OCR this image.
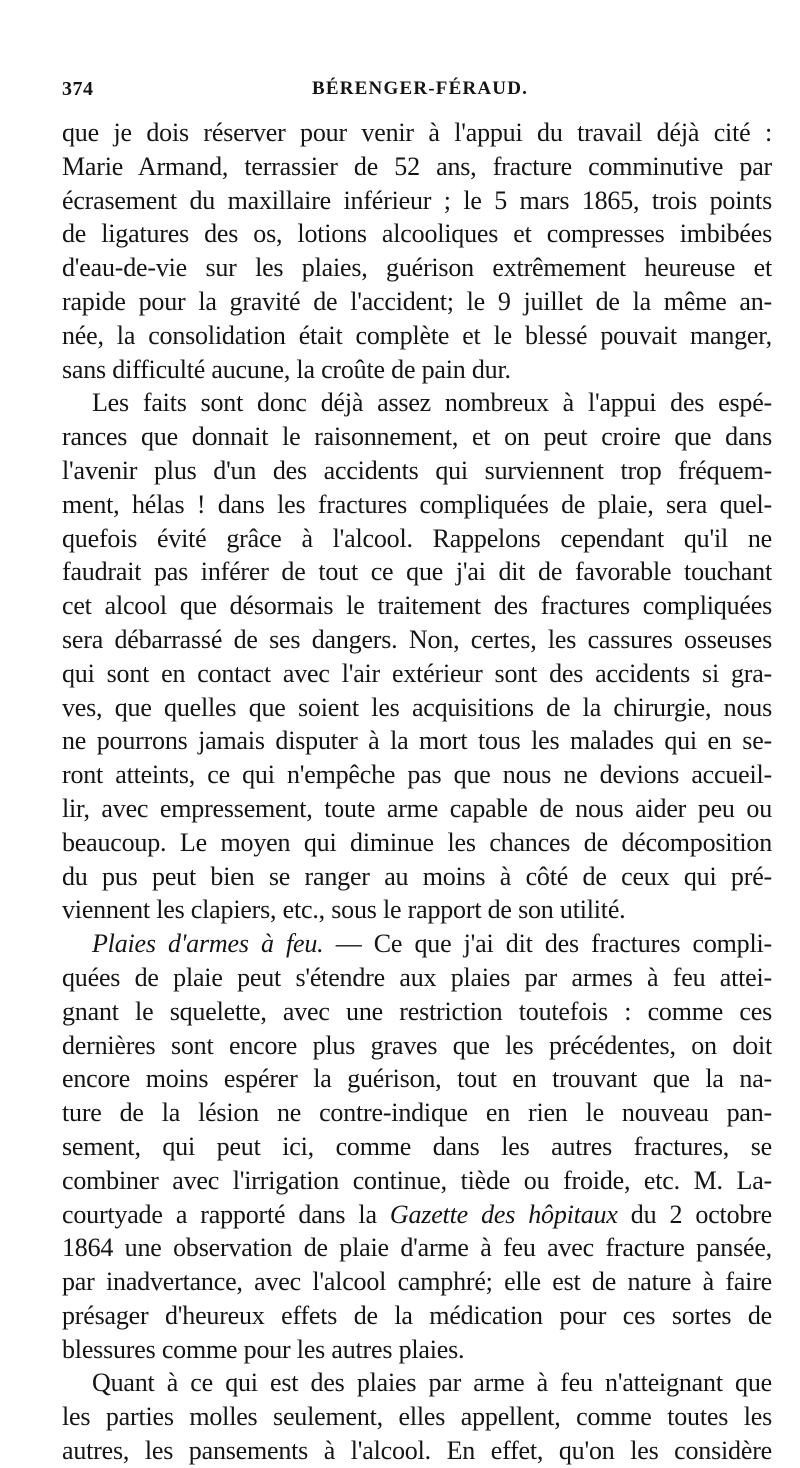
374	BÉRENGER-FÉRAUD.
que je dois réserver pour venir à l'appui du travail déjà cité :
Marie Armand, terrassier de 52 ans, fracture comminutive par
écrasement du maxillaire inférieur ; le 5 mars 1865, trois points
de ligatures des os, lotions alcooliques et compresses imbibées
d'eau-de-vie sur les plaies, guérison extrêmement heureuse et
rapide pour la gravité de l'accident; le 9 juillet de la même an-
née, la consolidation était complète et le blessé pouvait manger,
sans difficulté aucune, la croûte de pain dur.
Les faits sont donc déjà assez nombreux à l'appui des espé-
rances que donnait le raisonnement, et on peut croire que dans
l'avenir plus d'un des accidents qui surviennent trop fréquem-
ment, hélas ! dans les fractures compliquées de plaie, sera quel-
quefois évité grâce à l'alcool. Rappelons cependant qu'il ne
faudrait pas inférer de tout ce que j'ai dit de favorable touchant
cet alcool que désormais le traitement des fractures compliquées
sera débarrassé de ses dangers. Non, certes, les cassures osseuses
qui sont en contact avec l'air extérieur sont des accidents si gra-
ves, que quelles que soient les acquisitions de la chirurgie, nous
ne pourrons jamais disputer à la mort tous les malades qui en se-
ront atteints, ce qui n'empêche pas que nous ne devions accueil-
lir, avec empressement, toute arme capable de nous aider peu ou
beaucoup. Le moyen qui diminue les chances de décomposition
du pus peut bien se ranger au moins à côté de ceux qui pré-
viennent les clapiers, etc., sous le rapport de son utilité.
Plaies d'armes à feu. — Ce que j'ai dit des fractures compli-
quées de plaie peut s'étendre aux plaies par armes à feu attei-
gnant le squelette, avec une restriction toutefois : comme ces
dernières sont encore plus graves que les précédentes, on doit
encore moins espérer la guérison, tout en trouvant que la na-
ture de la lésion ne contre-indique en rien le nouveau pan-
sement, qui peut ici, comme dans les autres fractures, se
combiner avec l'irrigation continue, tiède ou froide, etc. M. La-
courtyade a rapporté dans la Gazette des hôpitaux du 2 octobre
1864 une observation de plaie d'arme à feu avec fracture pansée,
par inadvertance, avec l'alcool camphré; elle est de nature à faire
présager d'heureux effets de la médication pour ces sortes de
blessures comme pour les autres plaies.
Quant à ce qui est des plaies par arme à feu n'atteignant que
les parties molles seulement, elles appellent, comme toutes les
autres, les pansements à l'alcool. En effet, qu'on les considère
